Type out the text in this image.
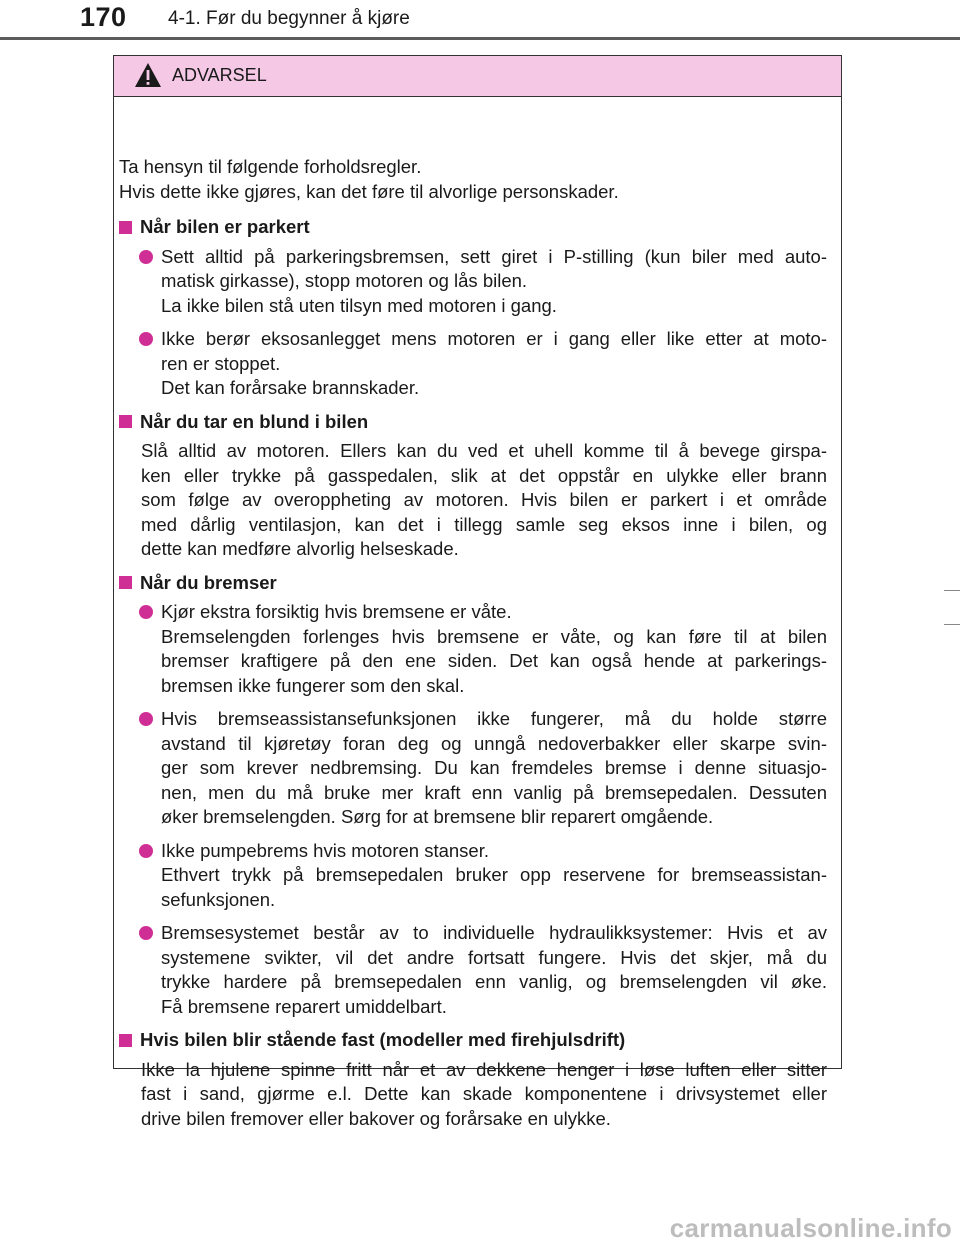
170 4-1. Før du begynner å kjøre
ADVARSEL
Ta hensyn til følgende forholdsregler.
Hvis dette ikke gjøres, kan det føre til alvorlige personskader.
Når bilen er parkert
Sett alltid på parkeringsbremsen, sett giret i P-stilling (kun biler med auto-
matisk girkasse), stopp motoren og lås bilen.
La ikke bilen stå uten tilsyn med motoren i gang.
Ikke berør eksosanlegget mens motoren er i gang eller like etter at moto-
ren er stoppet.
Det kan forårsake brannskader.
Når du tar en blund i bilen
Slå alltid av motoren. Ellers kan du ved et uhell komme til å bevege girspa-
ken eller trykke på gasspedalen, slik at det oppstår en ulykke eller brann
som følge av overoppheting av motoren. Hvis bilen er parkert i et område
med dårlig ventilasjon, kan det i tillegg samle seg eksos inne i bilen, og
dette kan medføre alvorlig helseskade.
Når du bremser
Kjør ekstra forsiktig hvis bremsene er våte.
Bremselengden forlenges hvis bremsene er våte, og kan føre til at bilen
bremser kraftigere på den ene siden. Det kan også hende at parkerings-
bremsen ikke fungerer som den skal.
Hvis bremseassistansefunksjonen ikke fungerer, må du holde større
avstand til kjøretøy foran deg og unngå nedoverbakker eller skarpe svin-
ger som krever nedbremsing. Du kan fremdeles bremse i denne situasjo-
nen, men du må bruke mer kraft enn vanlig på bremsepedalen. Dessuten
øker bremselengden. Sørg for at bremsene blir reparert omgående.
Ikke pumpebrems hvis motoren stanser.
Ethvert trykk på bremsepedalen bruker opp reservene for bremseassistan-
sefunksjonen.
Bremsesystemet består av to individuelle hydraulikksystemer: Hvis et av
systemene svikter, vil det andre fortsatt fungere. Hvis det skjer, må du
trykke hardere på bremsepedalen enn vanlig, og bremselengden vil øke.
Få bremsene reparert umiddelbart.
Hvis bilen blir stående fast (modeller med firehjulsdrift)
Ikke la hjulene spinne fritt når et av dekkene henger i løse luften eller sitter
fast i sand, gjørme e.l. Dette kan skade komponentene i drivsystemet eller
drive bilen fremover eller bakover og forårsake en ulykke.
carmanualsonline.info
